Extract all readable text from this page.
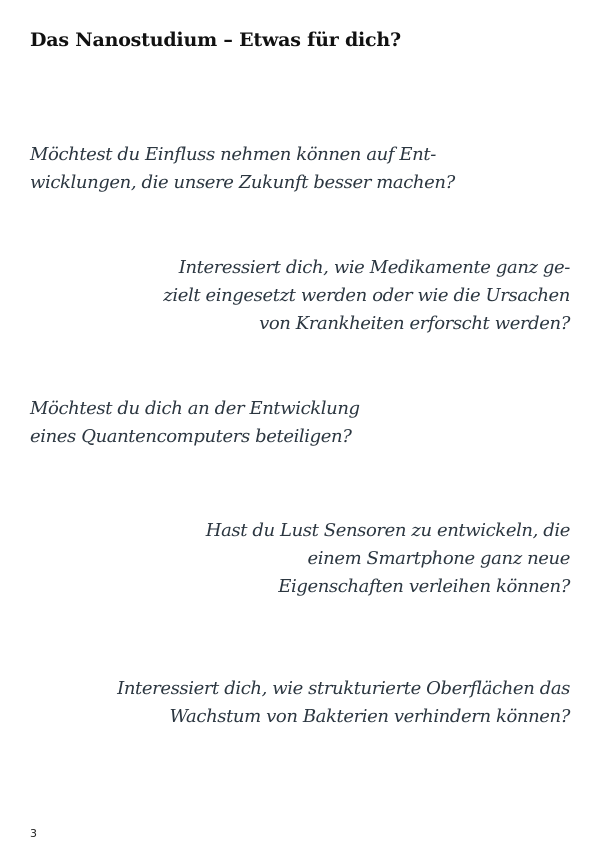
Das Nanostudium – Etwas für dich?

Möchtest du Einfluss nehmen können auf Ent-
wicklungen, die unsere Zukunft besser machen?

Interessiert dich, wie Medikamente ganz ge-
zielt eingesetzt werden oder wie die Ursachen
von Krankheiten erforscht werden?

Möchtest du dich an der Entwicklung
eines Quantencomputers beteiligen?

Hast du Lust Sensoren zu entwickeln, die
einem Smartphone ganz neue
Eigenschaften verleihen können?

Interessiert dich, wie strukturierte Oberflächen das
Wachstum von Bakterien verhindern können?

3
